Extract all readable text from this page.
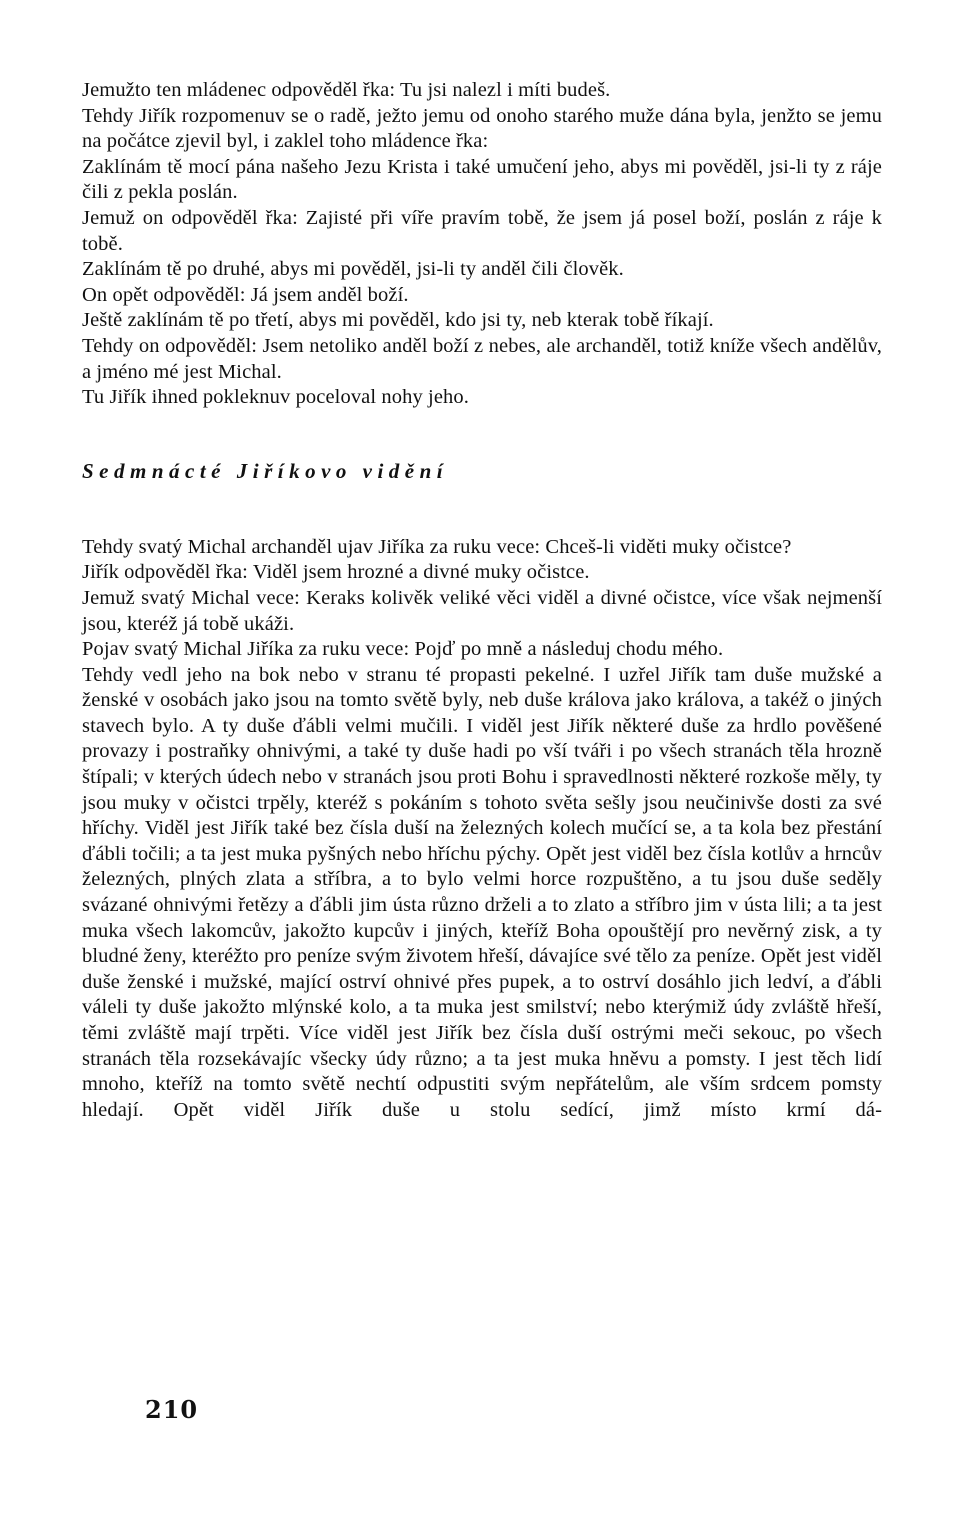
Jemužto ten mládenec odpověděl řka: Tu jsi nalezl i míti budeš.

Tehdy Jiřík rozpomenuv se o radě, ježto jemu od onoho starého muže dána byla, jenžto se jemu na počátce zjevil byl, i zaklel toho mládence řka:

Zaklínám tě mocí pána našeho Jezu Krista i také umučení jeho, abys mi pověděl, jsi-li ty z ráje čili z pekla poslán.

Jemuž on odpověděl řka: Zajisté při víře pravím tobě, že jsem já posel boží, poslán z ráje k tobě.

Zaklínám tě po druhé, abys mi pověděl, jsi-li ty anděl čili člověk.

On opět odpověděl: Já jsem anděl boží.

Ještě zaklínám tě po třetí, abys mi pověděl, kdo jsi ty, neb kterak tobě říkají.

Tehdy on odpověděl: Jsem netoliko anděl boží z nebes, ale archanděl, totiž kníže všech andělův, a jméno mé jest Michal.

Tu Jiřík ihned pokleknuv poceloval nohy jeho.

Sedmnácté Jiříkovo vidění

Tehdy svatý Michal archanděl ujav Jiříka za ruku vece: Chceš-li viděti muky očistce?

Jiřík odpověděl řka: Viděl jsem hrozné a divné muky očistce.

Jemuž svatý Michal vece: Keraks kolivěk veliké věci viděl a divné očistce, více však nejmenší jsou, kteréž já tobě ukáži.

Pojav svatý Michal Jiříka za ruku vece: Pojď po mně a následuj chodu mého.

Tehdy vedl jeho na bok nebo v stranu té propasti pekelné. I uzřel Jiřík tam duše mužské a ženské v osobách jako jsou na tomto světě byly, neb duše králova jako králova, a takéž o jiných stavech bylo. A ty duše ďábli velmi mučili. I viděl jest Jiřík některé duše za hrdlo pověšené provazy i postraňky ohnivými, a také ty duše hadi po vší tváři i po všech stranách těla hrozně štípali; v kterých údech nebo v stranách jsou proti Bohu i spravedlnosti některé rozkoše měly, ty jsou muky v očistci trpěly, kteréž s pokáním s tohoto světa sešly jsou neučinivše dosti za své hříchy. Viděl jest Jiřík také bez čísla duší na železných kolech mučící se, a ta kola bez přestání ďábli točili; a ta jest muka pyšných nebo hříchu pýchy. Opět jest viděl bez čísla kotlův a hrncův železných, plných zlata a stříbra, a to bylo velmi horce rozpuštěno, a tu jsou duše seděly svázané ohnivými řetězy a ďábli jim ústa různo drželi a to zlato a stříbro jim v ústa lili; a ta jest muka všech lakomcův, jakožto kupcův i jiných, kteříž Boha opouštějí pro nevěrný zisk, a ty bludné ženy, kteréžto pro peníze svým životem hřeší, dávajíce své tělo za peníze. Opět jest viděl duše ženské i mužské, mající ostrví ohnivé přes pupek, a to ostrví dosáhlo jich ledví, a ďábli váleli ty duše jakožto mlýnské kolo, a ta muka jest smilství; nebo kterýmiž údy zvláště hřeší, těmi zvláště mají trpěti. Více viděl jest Jiřík bez čísla duší ostrými meči sekouc, po všech stranách těla rozsekávajíc všecky údy různo; a ta jest muka hněvu a pomsty. I jest těch lidí mnoho, kteříž na tomto světě nechtí odpustiti svým nepřátelům, ale vším srdcem pomsty hledají. Opět viděl Jiřík duše u stolu sedící, jimž místo krmí dá-

210
